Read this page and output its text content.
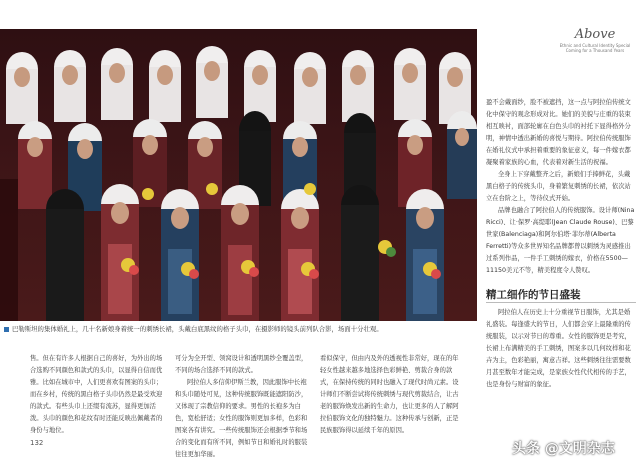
Above
Ethnic and Cultural Identity Special Coming for a Thousand Years

盈不会戴面纱，脸不被遮挡，这一点与阿拉伯传统文化中保守的观念形成对比。她们的美貌与庄重的装束相互映衬，面部轮廓在白色头巾的衬托下显得格外分明，神情中透出新婚的喜悦与期待。阿拉伯传统服饰在婚礼仪式中承担着重要的象征意义，每一件嫁衣都凝聚着家族的心血，代表着对新生活的祝福。

全身上下穿戴整齐之后，新娘们手捧鲜花，头戴黑白格子的传统头巾，身着繁复刺绣的长裙，依次站立在台阶之上，等待仪式开始。

品牌也融合了阿拉伯人的传统服饰。设计师(Nina Ricci)、让·保罗·高缇耶(Jean Claude Rouse)、巴黎世家(Balenciaga)和阿尔伯塔·菲尔蒂(Alberta Ferretti)等众多世界知名品牌都曾以刺绣为灵感推出过系列作品，一件手工刺绣的嫁衣，价格在5500—11150美元不等，精美程度令人赞叹。

精工细作的节日盛装

阿拉伯人在历史上十分重视节日服饰，尤其是婚礼盛装。每逢盛大的节日，人们都会穿上最隆重的传统服装，以示对节日的尊重。女性的服饰更是考究，长裙上布满精美的手工刺绣，图案多以几何纹样和花卉为主，色彩艳丽，寓意吉祥。这些刺绣往往需要数月甚至数年才能完成，是家族女性代代相传的手艺，也是身份与财富的象征。

巴勒斯坦的集体婚礼上，几十名新娘身着统一的刺绣长裙，头戴白底黑纹的格子头巾，在摄影师的镜头前列队合影，场面十分壮观。

售。但在有许多人根据自己的喜好，为外出的场合选购不同颜色和款式的头巾，以显得自信而优雅。比如在城市中，人们更喜欢有图案的头巾；而在乡村，传统的黑白格子头巾仍然是最受欢迎的款式。有些头巾上还缀有流苏，显得更加活泼。头巾的颜色和花纹有时还能反映出佩戴者的身份与地位。

可分为全开型、领窝设计和透明黑纱全覆盖型，不同的场合选择不同的款式。

阿拉伯人多信仰伊斯兰教，因此服饰中长袍和头巾随处可见，这种传统服饰既能遮阳防沙，又体现了宗教信仰的要求。男性的长袍多为白色，宽松舒适；女性的服饰则更加多样，色彩和图案各有讲究。一些传统服饰还会根据季节和场合的变化而有所不同，例如节日和婚礼时的服装往往更加华丽。

看似保守，但由内及外的透视性非常好，现在的年轻女性越来越多地选择色彩鲜艳、剪裁合身的款式，在保持传统的同时也融入了现代时尚元素。设计师们不断尝试将传统刺绣与现代剪裁结合，让古老的服饰焕发出新的生命力，也让更多的人了解阿拉伯服饰文化的独特魅力。这种传承与创新，正是民族服饰得以延续千年的原因。

132	头条 @文明杂志
